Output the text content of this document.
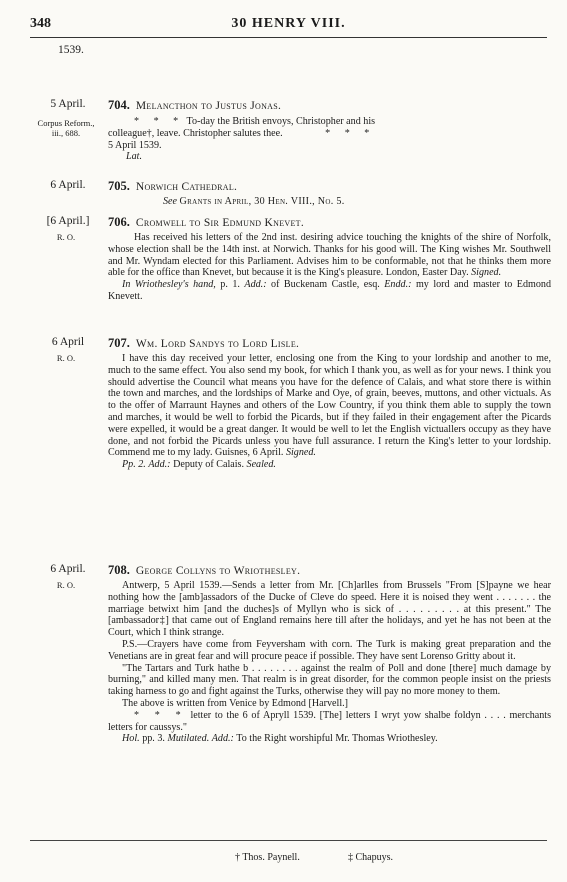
348	30 HENRY VIII.
1539.
5 April.
Corpus Reform., iii., 688.
704. Melancthon to Justus Jonas.

* * * To-day the British envoys, Christopher and his

colleague†, leave. Christopher salutes thee.	* * *

5 April 1539.

Lat.

6 April.	705. Norwich Cathedral.

See Grants in April, 30 Hen. VIII., No. 5.

[6 April.]
R. O.
706. Cromwell to Sir Edmund Knevet.

Has received his letters of the 2nd inst. desiring advice touching the knights of the shire of Norfolk, whose election shall be the 14th inst. at Norwich. Thanks for his good will. The King wishes Mr. Southwell and Mr. Wyndam elected for this Parliament. Advises him to be conformable, not that he thinks them more able for the office than Knevet, but because it is the King's pleasure. London, Easter Day. Signed.

In Wriothesley's hand, p. 1. Add.: of Buckenam Castle, esq. Endd.: my lord and master to Edmond Knevett.

6 April
R. O.
707. Wm. Lord Sandys to Lord Lisle.

I have this day received your letter, enclosing one from the King to your lordship and another to me, much to the same effect. You also send my book, for which I thank you, as well as for your news. I think you should advertise the Council what means you have for the defence of Calais, and what store there is within the town and marches, and the lordships of Marke and Oye, of grain, beeves, muttons, and other victuals. As to the offer of Marraunt Haynes and others of the Low Country, if you think them able to supply the town and marches, it would be well to forbid the Picards, but if they failed in their engagement after the Picards were expelled, it would be a great danger. It would be well to let the English victuallers occupy as they have done, and not forbid the Picards unless you have full assurance. I return the King's letter to your lordship. Commend me to my lady. Guisnes, 6 April. Signed.

Pp. 2. Add.: Deputy of Calais. Sealed.

6 April.
R. O.
708. George Collyns to Wriothesley.

Antwerp, 5 April 1539.—Sends a letter from Mr. [Ch]arlles from Brussels "From [S]payne we hear nothing how the [amb]assadors of the Ducke of Cleve do speed. Here it is noised they went . . . . . . . the marriage betwixt him [and the duches]s of Myllyn who is sick of . . . . . . . . . at this present." The [ambassador‡] that came out of England remains here till after the holidays, and yet he has not been at the Court, which I think strange.

P.S.—Crayers have come from Feyversham with corn. The Turk is making great preparation and the Venetians are in great fear and will procure peace if possible. They have sent Lorenso Gritty about it.

"The Tartars and Turk hathe b . . . . . . . . against the realm of Poll and done [there] much damage by burning," and killed many men. That realm is in great disorder, for the common people insist on the priests taking harness to go and fight against the Turks, otherwise they will pay no more money to them.

The above is written from Venice by Edmond [Harvell.]

* * * letter to the 6 of Apryll 1539. [The] letters I wryt yow shalbe foldyn . . . . merchants letters for caussys."

Hol. pp. 3. Mutilated. Add.: To the Right worshipful Mr. Thomas Wriothesley.

† Thos. Paynell.	‡ Chapuys.
